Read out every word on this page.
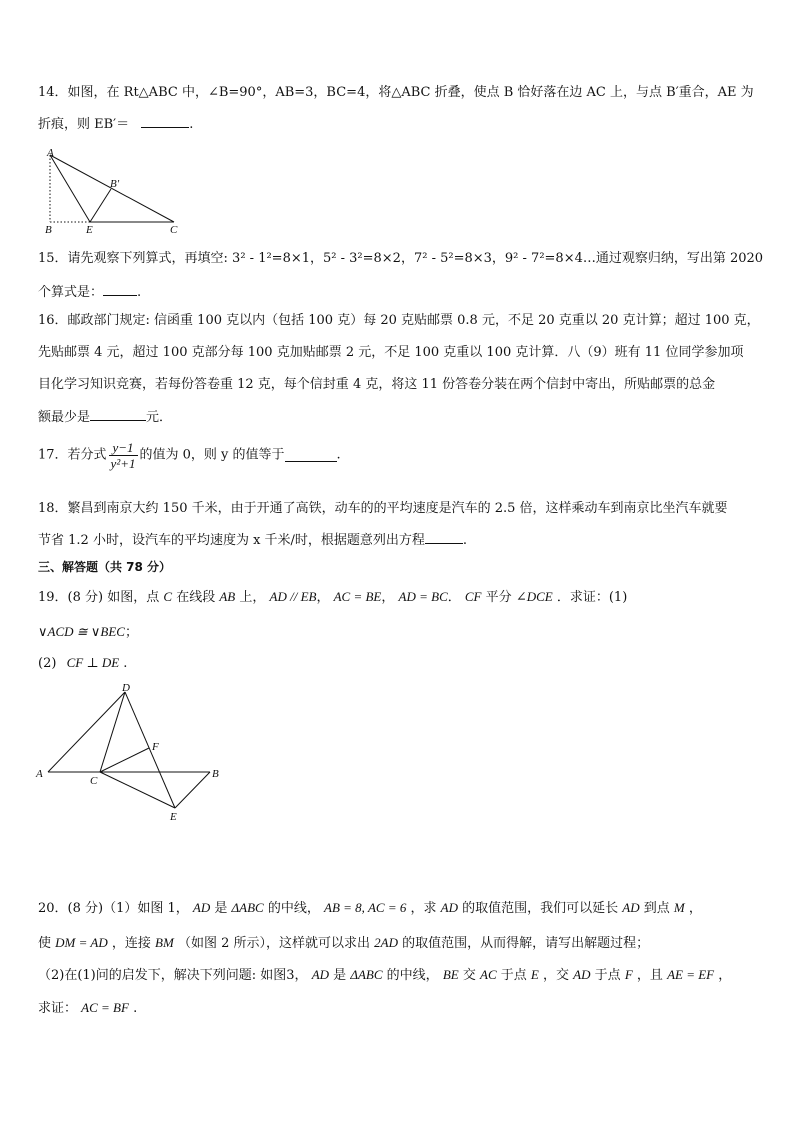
14．如图，在 Rt△ABC 中，∠B=90°，AB=3，BC=4，将△ABC 折叠，使点 B 恰好落在边 AC 上，与点 B′重合，AE 为
折痕，则 EB′＝	.
A
B′
B	E	C
15．请先观察下列算式，再填空: 3² - 1²=8×1，5² - 3²=8×2，7² - 5²=8×3，9² - 7²=8×4…通过观察归纳，写出第 2020
个算式是：	.
16．邮政部门规定: 信函重 100 克以内（包括 100 克）每 20 克贴邮票 0.8 元，不足 20 克重以 20 克计算；超过 100 克，
先贴邮票 4 元，超过 100 克部分每 100 克加贴邮票 2 元，不足 100 克重以 100 克计算．八（9）班有 11 位同学参加项
目化学习知识竞赛，若每份答卷重 12 克，每个信封重 4 克，将这 11 份答卷分装在两个信封中寄出，所贴邮票的总金
额最少是	元．
17．若分式 $\frac{y-1}{\text{y²+1}}$ 的值为 0，则 y 的值等于	.
18．繁昌到南京大约 150 千米，由于开通了高铁，动车的的平均速度是汽车的 2.5 倍，这样乘动车到南京比坐汽车就要
节省 1.2 小时，设汽车的平均速度为 x 千米/时，根据题意列出方程	.
三、解答题（共 78 分）
19．(8 分) 如图，点 C 在线段 AB 上， AD // EB， AC = BE， AD = BC． CF 平分 ∠DCE ．求证：(1)
∨ACD ≅ ∨BEC；
(2) CF ⊥ DE .
D
F
A
C
B
E
20．(8 分)（1）如图 1， AD 是 ΔABC 的中线， AB = 8, AC = 6 ，求 AD 的取值范围，我们可以延长 AD 到点 M ，
使 DM = AD ，连接 BM （如图 2 所示），这样就可以求出 2AD 的取值范围，从而得解，请写出解题过程；
（2)在(1)问的启发下，解决下列问题: 如图3， AD 是 ΔABC 的中线， BE 交 AC 于点 E ，交 AD 于点 F ，且 AE = EF ，
求证： AC = BF .
